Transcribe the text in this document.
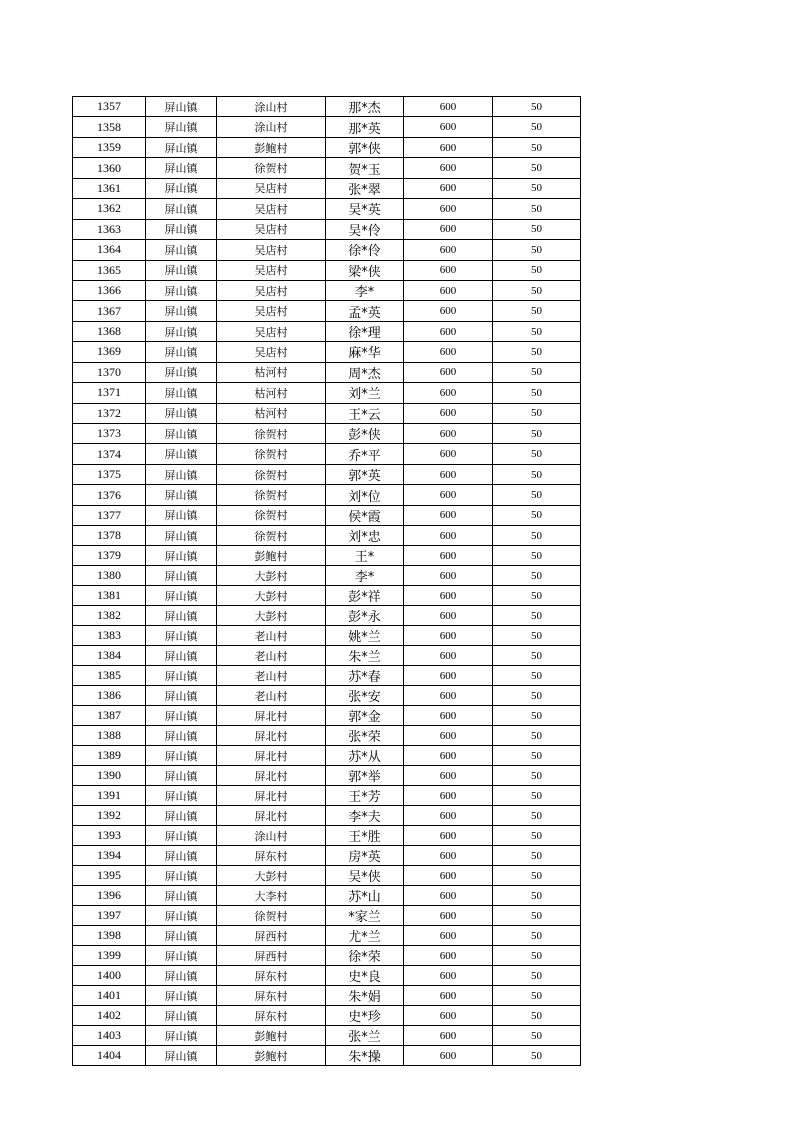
1357	屏山镇	涂山村	那*杰	600	50
1358	屏山镇	涂山村	那*英	600	50
1359	屏山镇	彭鲍村	郭*侠	600	50
1360	屏山镇	徐贺村	贺*玉	600	50
1361	屏山镇	吴店村	张*翠	600	50
1362	屏山镇	吴店村	吴*英	600	50
1363	屏山镇	吴店村	吴*伶	600	50
1364	屏山镇	吴店村	徐*伶	600	50
1365	屏山镇	吴店村	梁*侠	600	50
1366	屏山镇	吴店村	李*	600	50
1367	屏山镇	吴店村	孟*英	600	50
1368	屏山镇	吴店村	徐*理	600	50
1369	屏山镇	吴店村	麻*华	600	50
1370	屏山镇	枯河村	周*杰	600	50
1371	屏山镇	枯河村	刘*兰	600	50
1372	屏山镇	枯河村	王*云	600	50
1373	屏山镇	徐贺村	彭*侠	600	50
1374	屏山镇	徐贺村	乔*平	600	50
1375	屏山镇	徐贺村	郭*英	600	50
1376	屏山镇	徐贺村	刘*位	600	50
1377	屏山镇	徐贺村	侯*霞	600	50
1378	屏山镇	徐贺村	刘*忠	600	50
1379	屏山镇	彭鲍村	王*	600	50
1380	屏山镇	大彭村	李*	600	50
1381	屏山镇	大彭村	彭*祥	600	50
1382	屏山镇	大彭村	彭*永	600	50
1383	屏山镇	老山村	姚*兰	600	50
1384	屏山镇	老山村	朱*兰	600	50
1385	屏山镇	老山村	苏*春	600	50
1386	屏山镇	老山村	张*安	600	50
1387	屏山镇	屏北村	郭*金	600	50
1388	屏山镇	屏北村	张*荣	600	50
1389	屏山镇	屏北村	苏*从	600	50
1390	屏山镇	屏北村	郭*举	600	50
1391	屏山镇	屏北村	王*芳	600	50
1392	屏山镇	屏北村	李*夫	600	50
1393	屏山镇	涂山村	王*胜	600	50
1394	屏山镇	屏东村	房*英	600	50
1395	屏山镇	大彭村	吴*侠	600	50
1396	屏山镇	大李村	苏*山	600	50
1397	屏山镇	徐贺村	*家兰	600	50
1398	屏山镇	屏西村	尤*兰	600	50
1399	屏山镇	屏西村	徐*荣	600	50
1400	屏山镇	屏东村	史*良	600	50
1401	屏山镇	屏东村	朱*娟	600	50
1402	屏山镇	屏东村	史*珍	600	50
1403	屏山镇	彭鲍村	张*兰	600	50
1404	屏山镇	彭鲍村	朱*操	600	50
